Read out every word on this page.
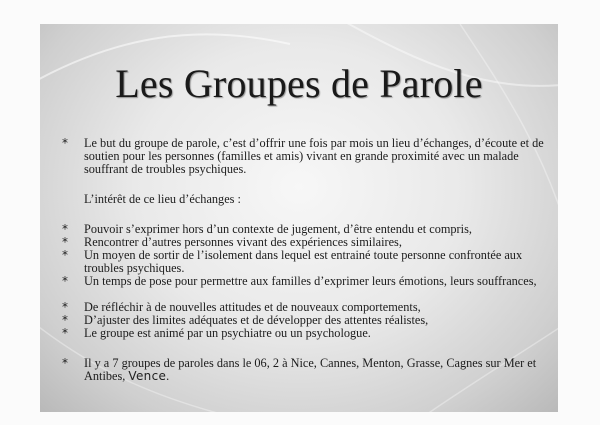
Les Groupes de Parole
*	Le but du groupe de parole, c’est d’offrir une fois par mois un lieu d’échanges, d’écoute et de soutien pour les personnes (familles et amis) vivant en grande proximité avec un malade souffrant de troubles psychiques.
L’intérêt de ce lieu d’échanges :
*	Pouvoir s’exprimer hors d’un contexte de jugement, d’être entendu et compris,
*	Rencontrer d’autres personnes vivant des expériences similaires,
*	Un moyen de sortir de l’isolement dans lequel est entrainé toute personne confrontée aux troubles psychiques.
*	Un temps de pose pour permettre aux familles d’exprimer leurs émotions, leurs souffrances,
*	De réfléchir à de nouvelles attitudes et de nouveaux comportements,
*	D’ajuster des limites adéquates et de développer des attentes réalistes,
*	Le groupe est animé par un psychiatre ou un psychologue.
*	Il y a 7 groupes de paroles dans le 06, 2 à Nice, Cannes, Menton, Grasse, Cagnes sur Mer et Antibes, Vence.
